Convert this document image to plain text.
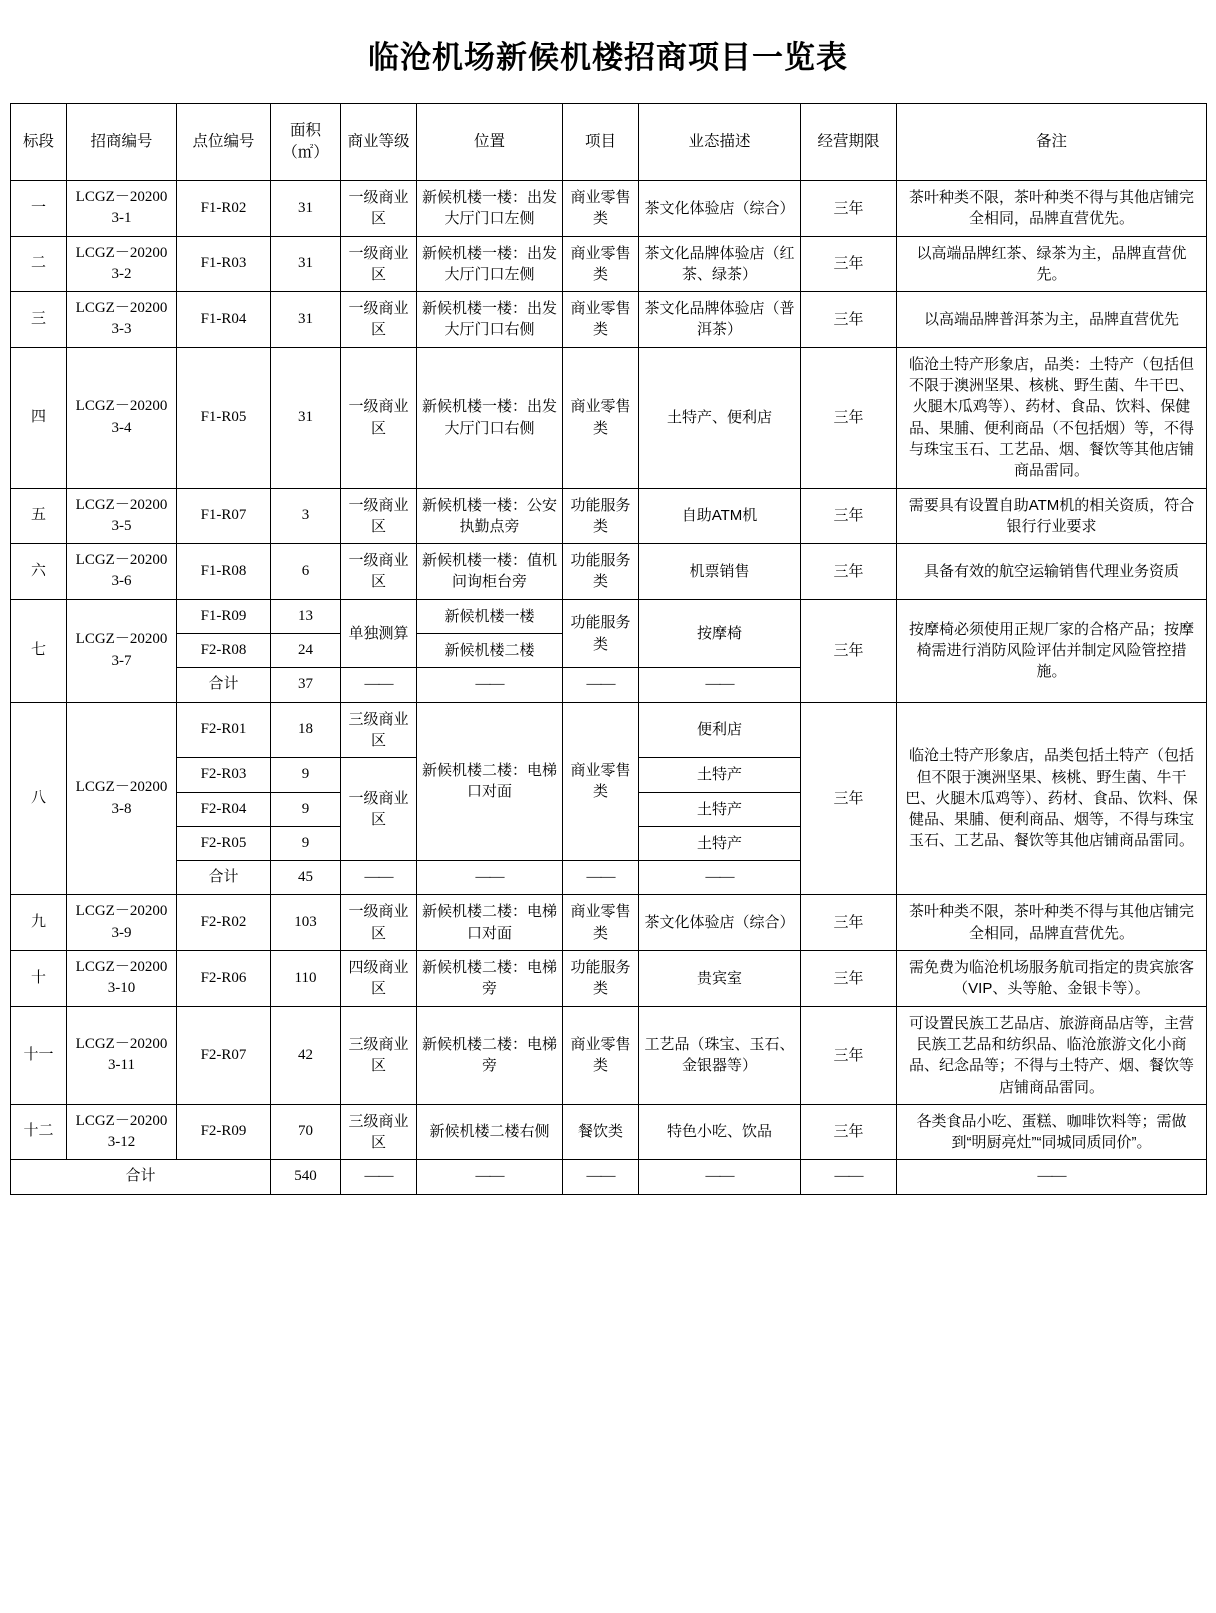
临沧机场新候机楼招商项目一览表
标段	招商编号	点位编号	面积（㎡）	商业等级	位置	项目	业态描述	经营期限	备注
一	LCGZ－202003-1	F1-R02	31	一级商业区	新候机楼一楼：出发大厅门口左侧	商业零售类	茶文化体验店（综合）	三年	茶叶种类不限，茶叶种类不得与其他店铺完全相同，品牌直营优先。
二	LCGZ－202003-2	F1-R03	31	一级商业区	新候机楼一楼：出发大厅门口左侧	商业零售类	茶文化品牌体验店（红茶、绿茶）	三年	以高端品牌红茶、绿茶为主，品牌直营优先。
三	LCGZ－202003-3	F1-R04	31	一级商业区	新候机楼一楼：出发大厅门口右侧	商业零售类	茶文化品牌体验店（普洱茶）	三年	以高端品牌普洱茶为主，品牌直营优先
四	LCGZ－202003-4	F1-R05	31	一级商业区	新候机楼一楼：出发大厅门口右侧	商业零售类	土特产、便利店	三年	临沧土特产形象店，品类：土特产（包括但不限于澳洲坚果、核桃、野生菌、牛干巴、火腿木瓜鸡等）、药材、食品、饮料、保健品、果脯、便利商品（不包括烟）等，不得与珠宝玉石、工艺品、烟、餐饮等其他店铺商品雷同。
五	LCGZ－202003-5	F1-R07	3	一级商业区	新候机楼一楼：公安执勤点旁	功能服务类	自助ATM机	三年	需要具有设置自助ATM机的相关资质，符合银行行业要求
六	LCGZ－202003-6	F1-R08	6	一级商业区	新候机楼一楼：值机问询柜台旁	功能服务类	机票销售	三年	具备有效的航空运输销售代理业务资质
七	LCGZ－202003-7	F1-R09	13	单独测算	新候机楼一楼	功能服务类	按摩椅	三年	按摩椅必须使用正规厂家的合格产品；按摩椅需进行消防风险评估并制定风险管控措施。
		F2-R08	24		新候机楼二楼				
		合计	37	——	——	——	——		
八	LCGZ－202003-8	F2-R01	18	三级商业区	新候机楼二楼：电梯口对面	商业零售类	便利店	三年	临沧土特产形象店，品类包括土特产（包括但不限于澳洲坚果、核桃、野生菌、牛干巴、火腿木瓜鸡等）、药材、食品、饮料、保健品、果脯、便利商品、烟等，不得与珠宝玉石、工艺品、餐饮等其他店铺商品雷同。
		F2-R03	9	一级商业区			土特产		
		F2-R04	9				土特产		
		F2-R05	9				土特产		
		合计	45	——	——	——	——		
九	LCGZ－202003-9	F2-R02	103	一级商业区	新候机楼二楼：电梯口对面	商业零售类	茶文化体验店（综合）	三年	茶叶种类不限，茶叶种类不得与其他店铺完全相同，品牌直营优先。
十	LCGZ－202003-10	F2-R06	110	四级商业区	新候机楼二楼：电梯旁	功能服务类	贵宾室	三年	需免费为临沧机场服务航司指定的贵宾旅客（VIP、头等舱、金银卡等）。
十一	LCGZ－202003-11	F2-R07	42	三级商业区	新候机楼二楼：电梯旁	商业零售类	工艺品（珠宝、玉石、金银器等）	三年	可设置民族工艺品店、旅游商品店等，主营民族工艺品和纺织品、临沧旅游文化小商品、纪念品等；不得与土特产、烟、餐饮等店铺商品雷同。
十二	LCGZ－202003-12	F2-R09	70	三级商业区	新候机楼二楼右侧	餐饮类	特色小吃、饮品	三年	各类食品小吃、蛋糕、咖啡饮料等；需做到“明厨亮灶”“同城同质同价”。
合计			540	——	——	——	——	——	——
